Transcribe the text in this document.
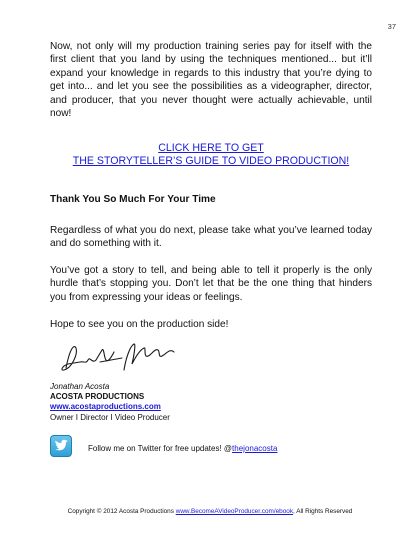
37

Now, not only will my production training series pay for itself with the first client that you land by using the techniques mentioned... but it’ll expand your knowledge in regards to this industry that you’re dying to get into... and let you see the possibilities as a videographer, director, and producer, that you never thought were actually achievable, until now!

CLICK HERE TO GET
THE STORYTELLER’S GUIDE TO VIDEO PRODUCTION!
Thank You So Much For Your Time

Regardless of what you do next, please take what you’ve learned today and do something with it.

You’ve got a story to tell, and being able to tell it properly is the only hurdle that’s stopping you. Don’t let that be the one thing that hinders you from expressing your ideas or feelings.

Hope to see you on the production side!

Jonathan Acosta
ACOSTA PRODUCTIONS
www.acostaproductions.com
Owner I Director I Video Producer
Follow me on Twitter for free updates! @thejonacosta
Copyright © 2012 Acosta Productions www.BecomeAVideoProducer.com/ebook, All Rights Reserved
